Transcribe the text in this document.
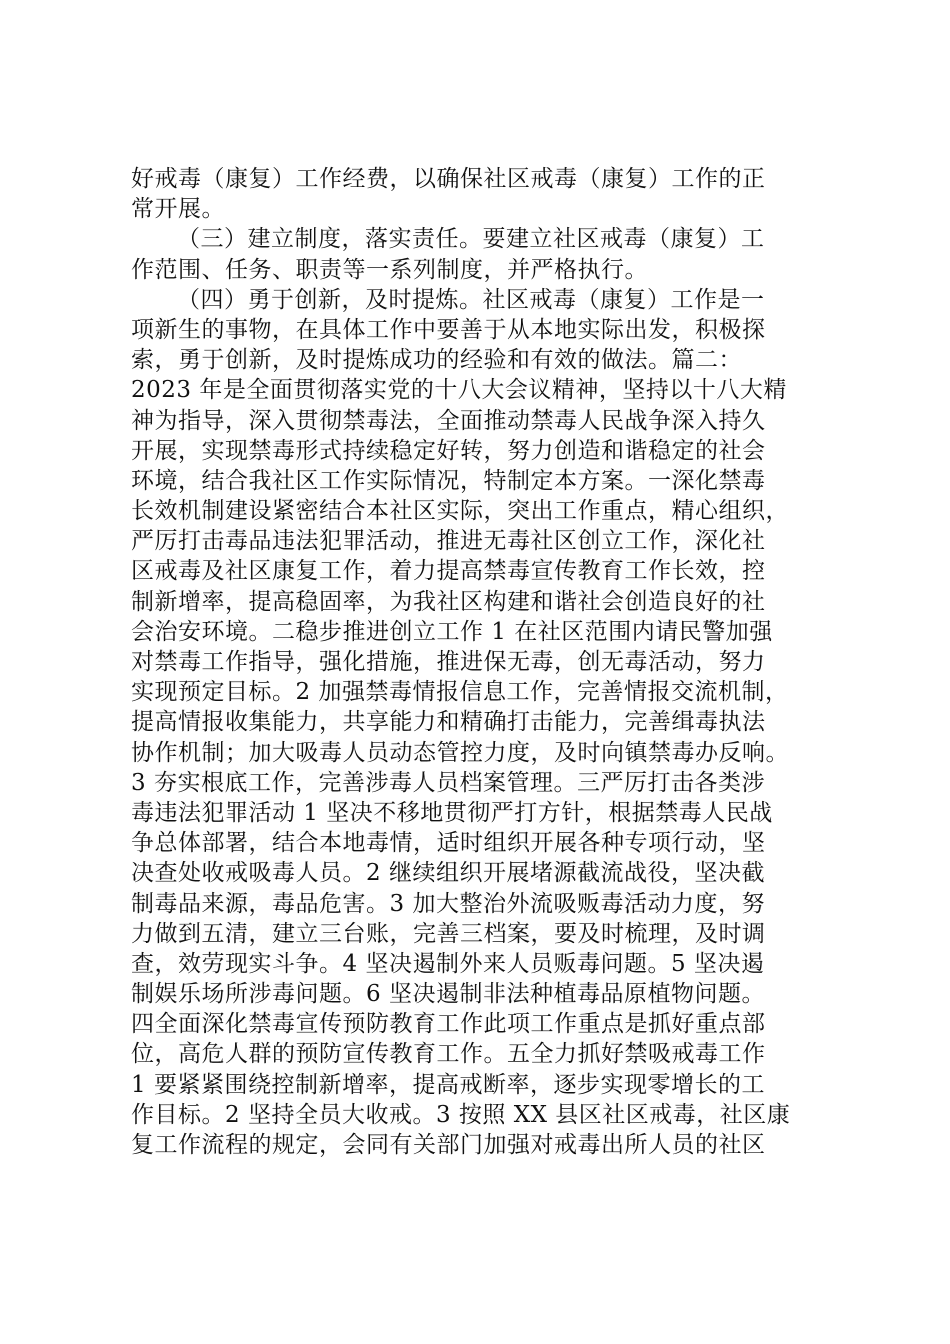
好戒毒（康复）工作经费，以确保社区戒毒（康复）工作的正
常开展。
（三）建立制度，落实责任。要建立社区戒毒（康复）工
作范围、任务、职责等一系列制度，并严格执行。
（四）勇于创新，及时提炼。社区戒毒（康复）工作是一
项新生的事物，在具体工作中要善于从本地实际出发，积极探
索，勇于创新，及时提炼成功的经验和有效的做法。篇二：
2023 年是全面贯彻落实党的十八大会议精神，坚持以十八大精
神为指导，深入贯彻禁毒法，全面推动禁毒人民战争深入持久
开展，实现禁毒形式持续稳定好转，努力创造和谐稳定的社会
环境，结合我社区工作实际情况，特制定本方案。一深化禁毒
长效机制建设紧密结合本社区实际，突出工作重点，精心组织，
严厉打击毒品违法犯罪活动，推进无毒社区创立工作，深化社
区戒毒及社区康复工作，着力提高禁毒宣传教育工作长效，控
制新增率，提高稳固率，为我社区构建和谐社会创造良好的社
会治安环境。二稳步推进创立工作 1 在社区范围内请民警加强
对禁毒工作指导，强化措施，推进保无毒，创无毒活动，努力
实现预定目标。2 加强禁毒情报信息工作，完善情报交流机制，
提高情报收集能力，共享能力和精确打击能力，完善缉毒执法
协作机制；加大吸毒人员动态管控力度，及时向镇禁毒办反响。
3 夯实根底工作，完善涉毒人员档案管理。三严厉打击各类涉
毒违法犯罪活动 1 坚决不移地贯彻严打方针，根据禁毒人民战
争总体部署，结合本地毒情，适时组织开展各种专项行动，坚
决查处收戒吸毒人员。2 继续组织开展堵源截流战役，坚决截
制毒品来源，毒品危害。3 加大整治外流吸贩毒活动力度，努
力做到五清，建立三台账，完善三档案，要及时梳理，及时调
查，效劳现实斗争。4 坚决遏制外来人员贩毒问题。5 坚决遏
制娱乐场所涉毒问题。6 坚决遏制非法种植毒品原植物问题。
四全面深化禁毒宣传预防教育工作此项工作重点是抓好重点部
位，高危人群的预防宣传教育工作。五全力抓好禁吸戒毒工作
1 要紧紧围绕控制新增率，提高戒断率，逐步实现零增长的工
作目标。2 坚持全员大收戒。3 按照 XX 县区社区戒毒，社区康
复工作流程的规定，会同有关部门加强对戒毒出所人员的社区
